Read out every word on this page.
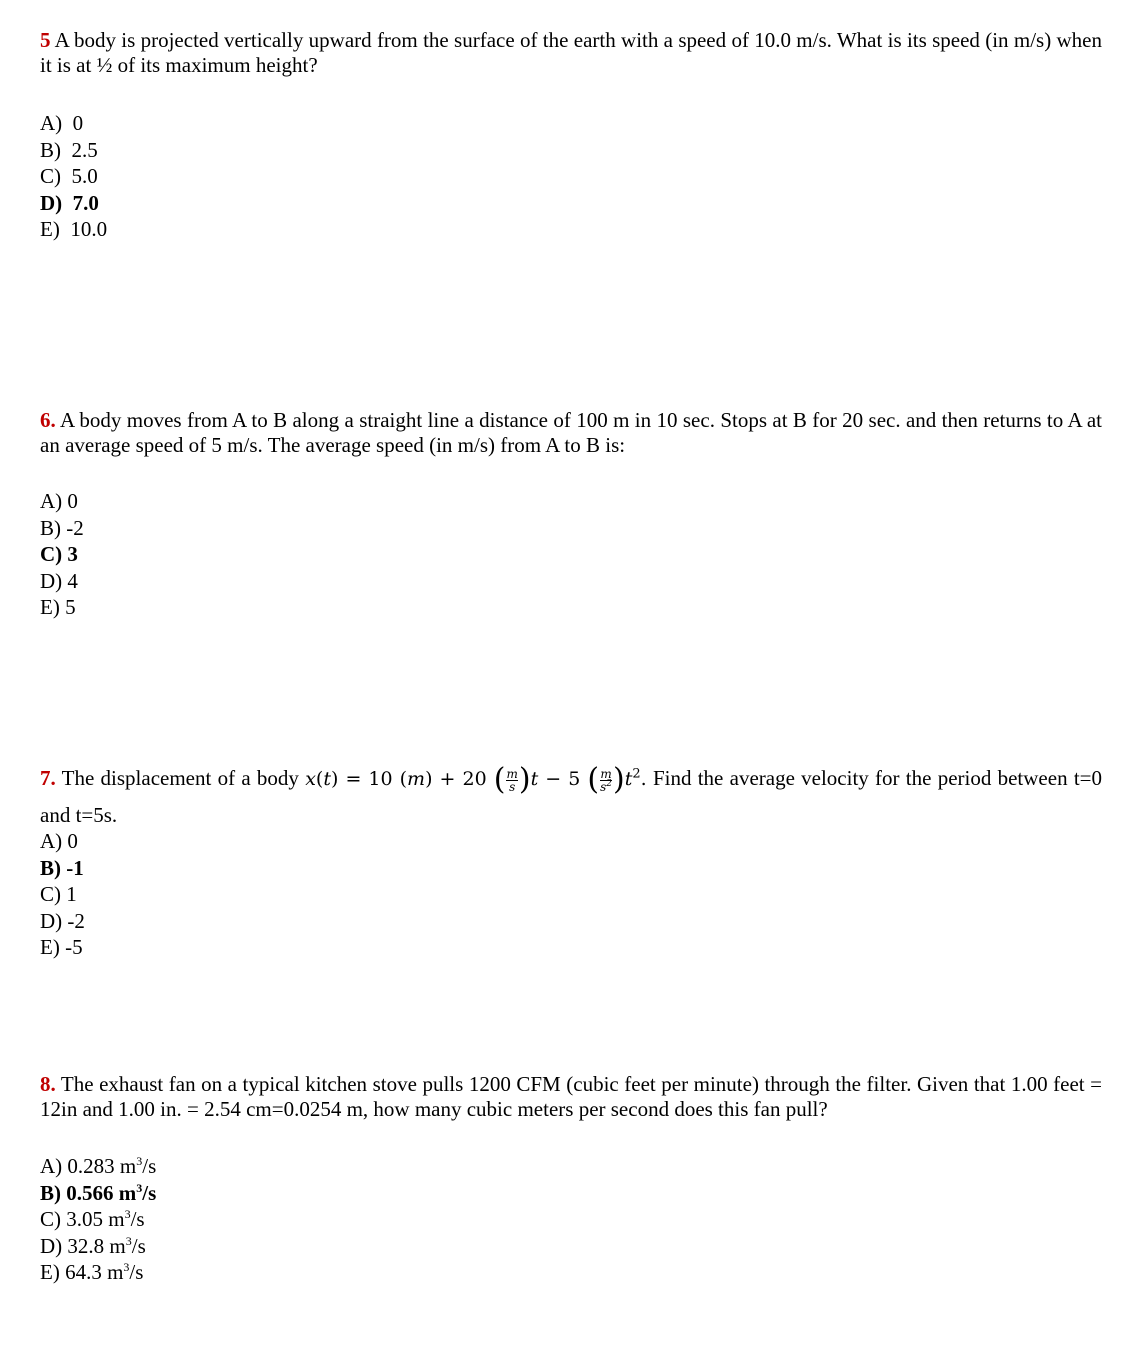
5 A body is projected vertically upward from the surface of the earth with a speed of 10.0 m/s. What is its speed (in m/s) when it is at ½ of its maximum height?
A) 0
B) 2.5
C) 5.0
D) 7.0
E) 10.0
6. A body moves from A to B along a straight line a distance of 100 m in 10 sec. Stops at B for 20 sec. and then returns to A at an average speed of 5 m/s. The average speed (in m/s) from A to B is:
A) 0
B) -2
C) 3
D) 4
E) 5
7. The displacement of a body x(t) = 10 (m) + 20 ( $\frac{m}{s} )t - 5$ ( $\frac{m}{s^2} )t^2$. Find the average velocity for the period between t=0 and t=5s.
A) 0
B) -1
C) 1
D) -2
E) -5
8. The exhaust fan on a typical kitchen stove pulls 1200 CFM (cubic feet per minute) through the filter. Given that 1.00 feet = 12in and 1.00 in. = 2.54 cm=0.0254 m, how many cubic meters per second does this fan pull?
A) 0.283 $m^3/s$
B) 0.566 $m^3/s$
C) 3.05 $m^3/s$
D) 32.8 $m^3/s$
E) 64.3 $m^3/s$
